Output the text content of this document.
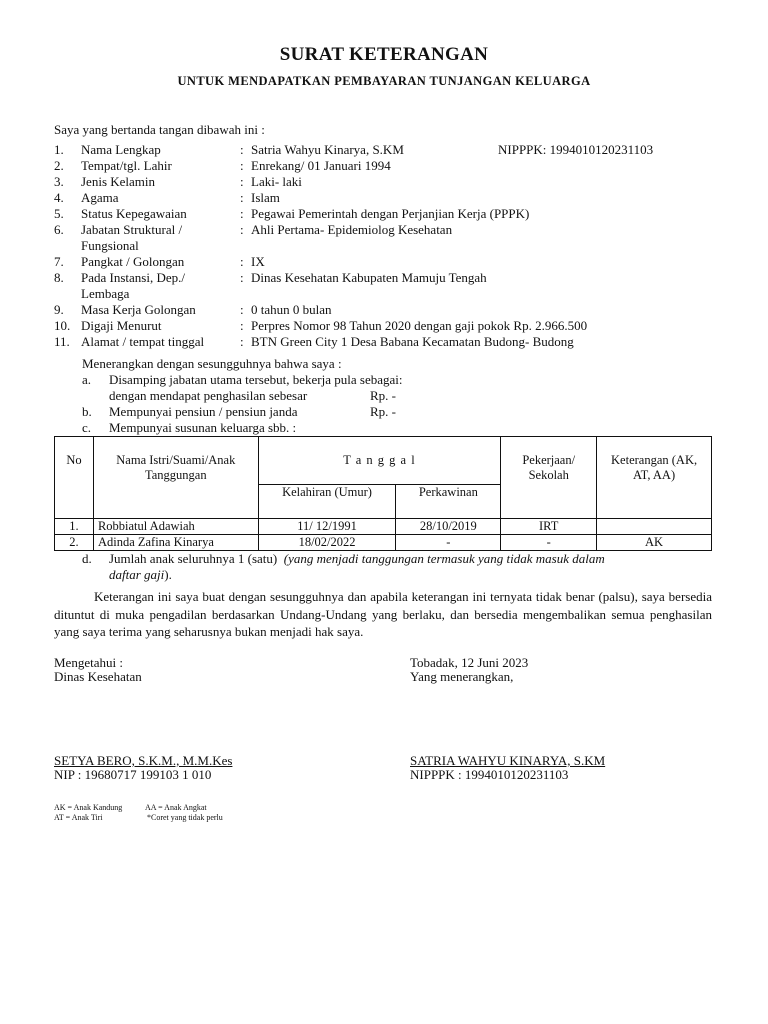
SURAT KETERANGAN
UNTUK MENDAPATKAN PEMBAYARAN TUNJANGAN KELUARGA
Saya yang bertanda tangan dibawah ini :
1. Nama Lengkap	: Satria Wahyu Kinarya, S.KM	NIPPPK: 1994010120231103
2. Tempat/tgl. Lahir	: Enrekang/ 01 Januari 1994
3. Jenis Kelamin	: Laki- laki
4. Agama	: Islam
5. Status Kepegawaian	: Pegawai Pemerintah dengan Perjanjian Kerja (PPPK)
6. Jabatan Struktural /	: Ahli Pertama- Epidemiolog Kesehatan
Fungsional
7. Pangkat / Golongan	: IX
8. Pada Instansi, Dep./	: Dinas Kesehatan Kabupaten Mamuju Tengah
Lembaga
9. Masa Kerja Golongan	: 0 tahun 0 bulan
10. Digaji Menurut	: Perpres Nomor 98 Tahun 2020 dengan gaji pokok Rp. 2.966.500
11. Alamat / tempat tinggal	: BTN Green City 1 Desa Babana Kecamatan Budong- Budong
Menerangkan dengan sesungguhnya bahwa saya :
a. Disamping jabatan utama tersebut, bekerja pula sebagai:
dengan mendapat penghasilan sebesar	Rp. -
b. Mempunyai pensiun / pensiun janda	Rp. -
c. Mempunyai susunan keluarga sbb. :
No	Nama Istri/Suami/Anak Tanggungan	T a n g g a l		Pekerjaan/ Sekolah	Keterangan (AK, AT, AA)
		Kelahiran (Umur)	Perkawinan		
1.	Robbiatul Adawiah	11/ 12/1991	28/10/2019	IRT	
2.	Adinda Zafina Kinarya	18/02/2022	-	-	AK
d. Jumlah anak seluruhnya 1 (satu) (yang menjadi tanggungan termasuk yang tidak masuk dalam
daftar gaji).
Keterangan ini saya buat dengan sesungguhnya dan apabila keterangan ini ternyata tidak benar (palsu), saya bersedia dituntut di muka pengadilan berdasarkan Undang-Undang yang berlaku, dan bersedia mengembalikan semua penghasilan yang saya terima yang seharusnya bukan menjadi hak saya.
Mengetahui :
Dinas Kesehatan
Tobadak, 12 Juni 2023
Yang menerangkan,
SETYA BERO, S.K.M., M.M.Kes
NIP : 19680717 199103 1 010
SATRIA WAHYU KINARYA, S.KM
NIPPPK : 1994010120231103
AK = Anak Kandung	AA = Anak Angkat
AT = Anak Tiri	*Coret yang tidak perlu
